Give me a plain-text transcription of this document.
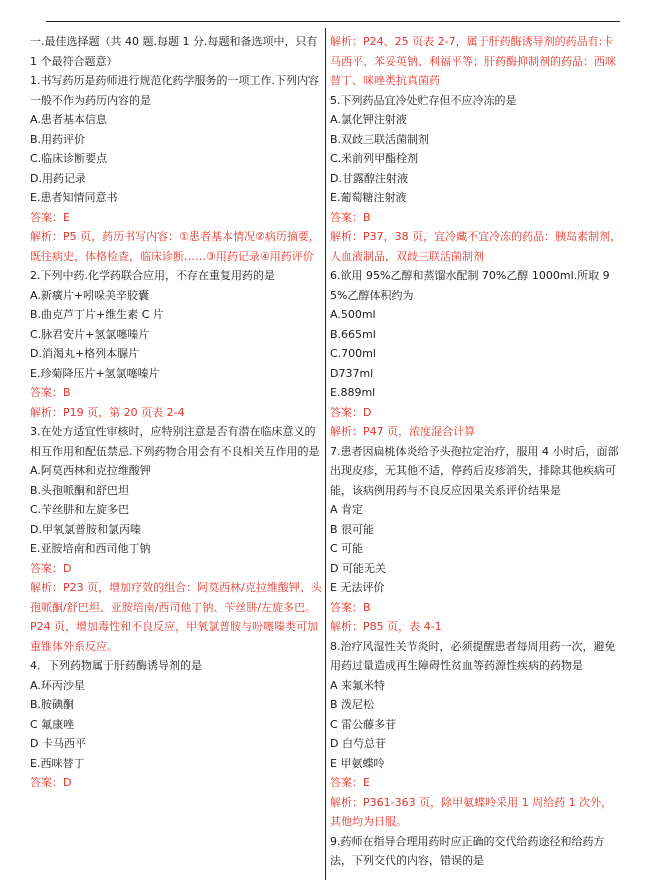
一.最佳选择题（共 40 题.每题 1 分.每题和备选项中，只有 1 个最符合题意）

1.书写药历是药师进行规范化药学服务的一项工作.下列内容一般不作为药历内容的是

A.患者基本信息

B.用药评价

C.临床诊断要点

D.用药记录

E.患者知情同意书

答案：E

解析：P5 页，药历书写内容：①患者基本情况②病历摘要，既往病史，体格检查，临床诊断……③用药记录④用药评价

2.下列中药.化学药联合应用，不存在重复用药的是

A.新癀片+吲哚美辛胶囊

B.曲克芦丁片+维生素 C 片

C.脉君安片+氢氯噻嗪片

D.消渴丸+格列本脲片

E.珍菊降压片+氢氯噻嗪片

答案：B

解析：P19 页，第 20 页表 2-4

3.在处方适宜性审核时，应特别注意是否有潜在临床意义的相互作用和配伍禁忌.下列药物合用会有不良相关互作用的是

A.阿莫西林和克拉维酸钾

B.头孢哌酮和舒巴坦

C.苄丝肼和左旋多巴

D.甲氧氯普胺和氯丙嗪

E.亚胺培南和西司他丁钠

答案：D

解析：P23 页，增加疗效的组合：阿莫西林/克拉维酸钾、头孢哌酮/舒巴坦、亚胺培南/西司他丁钠、苄丝肼/左旋多巴。

P24 页，增加毒性和不良反应，甲氧氯普胺与吩噻嗪类可加重锥体外系反应。

4．下列药物属于肝药酶诱导剂的是

A.环丙沙星

B.胺碘酮

C 氟康唑

D 卡马西平

E.西咪替丁

答案：D

解析：P24、25 页表 2-7，属于肝药酶诱导剂的药品有:卡马西平、苯妥英钠、利福平等；肝药酶抑制剂的药品：西咪替丁、咪唑类抗真菌药

5.下列药品宜冷处贮存但不应冷冻的是

A.氯化钾注射液

B.双歧三联活菌制剂

C.米前列甲酯栓剂

D.甘露醇注射液

E.葡萄糖注射液

答案：B

解析：P37，38 页，宜冷藏不宜冷冻的药品：胰岛素制剂，人血液制品，双歧三联活菌制剂

6.欲用 95%乙醇和蒸馏水配制 70%乙醇 1000ml.所取 95%乙醇体积约为

A.500ml

B.665ml

C.700ml

D737ml

E.889ml

答案：D

解析：P47 页，浓度混合计算

7.患者因扁桃体炎给予头孢拉定治疗，服用 4 小时后，面部出现皮疹，无其他不适，停药后皮疹消失，排除其他疾病可能，该病例用药与不良反应因果关系评价结果是

A 肯定

B 很可能

C 可能

D 可能无关

E 无法评价

答案：B

解析：P85 页，表 4-1

8.治疗风湿性关节炎时，必须提醒患者每周用药一次，避免用药过量造成再生障碍性贫血等药源性疾病的药物是

A 来氟米特

B 泼尼松

C 雷公藤多苷

D 白芍总苷

E 甲氨蝶呤

答案：E

解析：P361-363 页，除甲氨蝶呤采用 1 周给药 1 次外，其他均为日服。

9.药师在指导合理用药时应正确的交代给药途径和给药方法，下列交代的内容，错误的是
